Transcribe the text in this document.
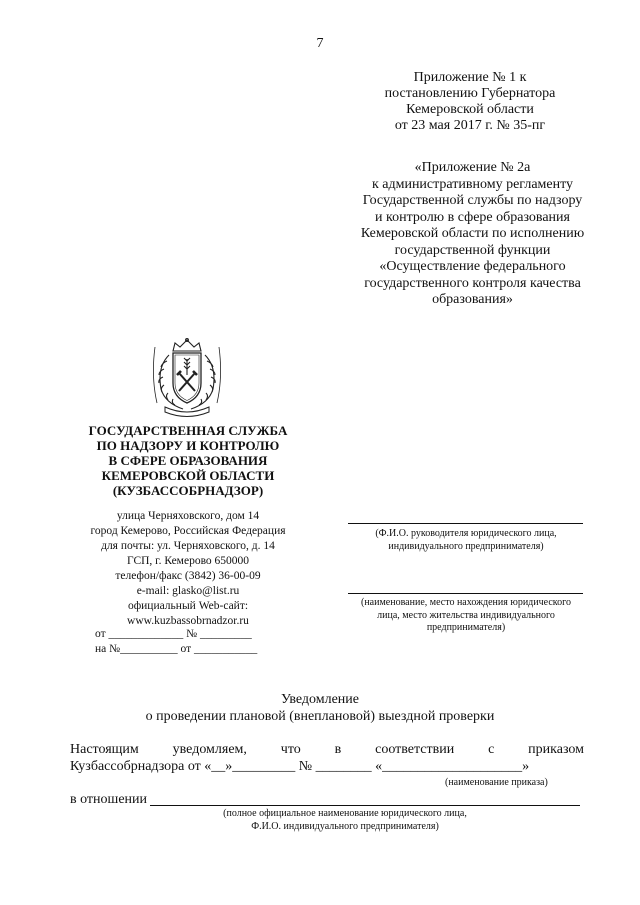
7
Приложение № 1 к
постановлению Губернатора
Кемеровской области
от 23 мая 2017 г. № 35-пг
«Приложение № 2а
к административному регламенту
Государственной службы по надзору
и контролю в сфере образования
Кемеровской области по исполнению
государственной функции
«Осуществление федерального
государственного контроля качества
образования»
ГОСУДАРСТВЕННАЯ СЛУЖБА
ПО НАДЗОРУ И КОНТРОЛЮ
В СФЕРЕ ОБРАЗОВАНИЯ
КЕМЕРОВСКОЙ ОБЛАСТИ
(КУЗБАССОБРНАДЗОР)
улица Черняховского, дом 14
город Кемерово, Российская Федерация
для почты: ул. Черняховского, д. 14
ГСП, г. Кемерово 650000
телефон/факс (3842) 36-00-09
e-mail: glasko@list.ru
официальный Web-сайт:
www.kuzbassobrnadzor.ru
от _____________ № _________
на №__________ от ___________
(Ф.И.О. руководителя юридического лица,
индивидуального предпринимателя)
(наименование, место нахождения юридического
лица, место жительства индивидуального
предпринимателя)
Уведомление
о проведении плановой (внеплановой) выездной проверки
Настоящим уведомляем, что в соответствии с приказом
Кузбассобрнадзора от «__»_________ № ________ «____________________»
(наименование приказа)
в отношении
(полное официальное наименование юридического лица,
Ф.И.О. индивидуального предпринимателя)
